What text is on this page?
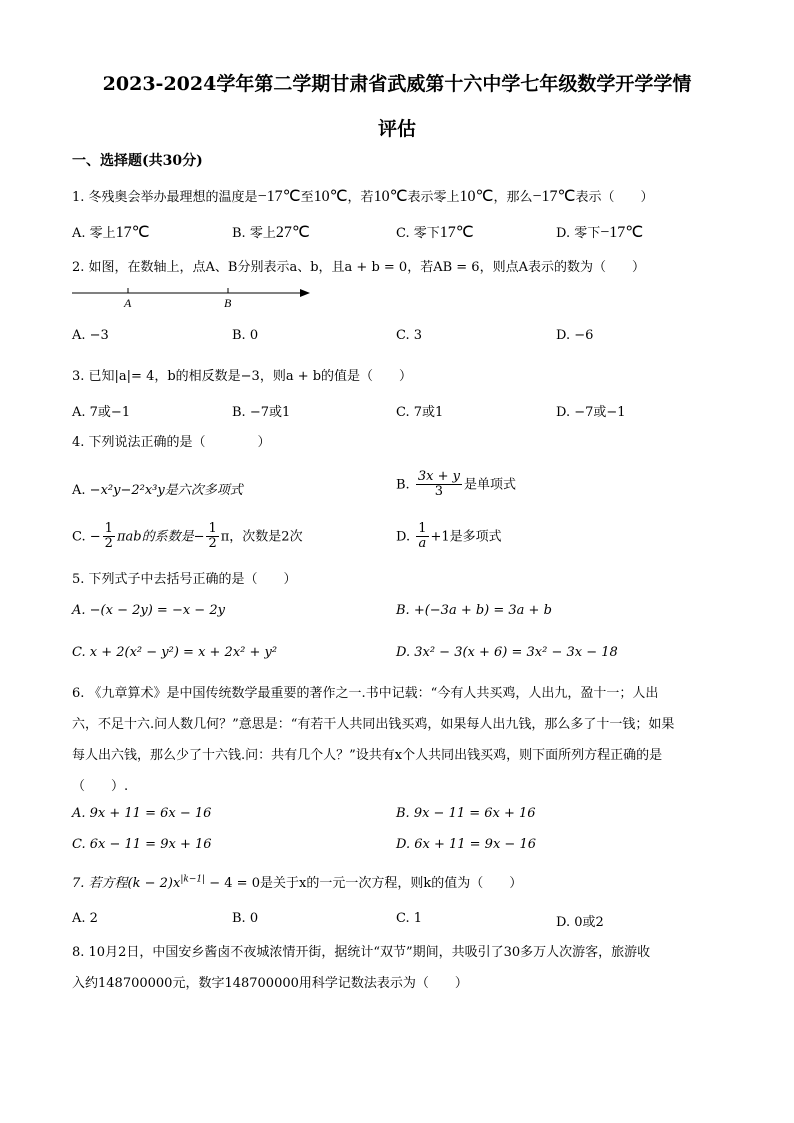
2023-2024学年第二学期甘肃省武威第十六中学七年级数学开学学情
评估
一、选择题(共30分)
1. 冬残奥会举办最理想的温度是−17℃至10℃，若10℃表示零上10℃，那么−17℃表示（　　）
A. 零上17℃	B. 零上27℃	C. 零下17℃	D. 零下−17℃
2. 如图，在数轴上，点A、B分别表示a、b，且a + b = 0，若AB = 6，则点A表示的数为（　　）
A	B
A. −3	B. 0	C. 3	D. −6
3. 已知|a|= 4，b的相反数是−3，则a + b的值是（　　）
A. 7或−1	B. −7或1	C. 7或1	D. −7或−1
4. 下列说法正确的是（　　　　）
A. −x²y−2²x³y是六次多项式	B. $\frac{3x + y}{3}$ 是单项式
C. − $\frac{1}{2}$ πab的系数是− $\frac{1}{2}$ π，次数是2次	D. $\frac{1}{a} +1$是多项式
5. 下列式子中去括号正确的是（　　）
A. −(x − 2y) = −x − 2y	B. +(−3a + b) = 3a + b
C. x + 2(x² − y²) = x + 2x² + y²	D. 3x² − 3(x + 6) = 3x² − 3x − 18
6. 《九章算术》是中国传统数学最重要的著作之一.书中记载：“今有人共买鸡，人出九，盈十一；人出
六，不足十六.问人数几何？”意思是：“有若干人共同出钱买鸡，如果每人出九钱，那么多了十一钱；如果
每人出六钱，那么少了十六钱.问：共有几个人？”设共有x个人共同出钱买鸡，则下面所列方程正确的是
（　　）.
A. 9x + 11 = 6x − 16	B. 9x − 11 = 6x + 16
C. 6x − 11 = 9x + 16	D. 6x + 11 = 9x − 16
7. 若方程$(k - 2)x^{|k-1|} - 4 = 0$是关于x的一元一次方程，则k的值为（　　）
A. 2	B. 0	C. 1	D. 0或2
8. 10月2日，中国安乡酱卤不夜城浓情开街，据统计“双节”期间，共吸引了30多万人次游客，旅游收
入约148700000元，数字148700000用科学记数法表示为（　　）
